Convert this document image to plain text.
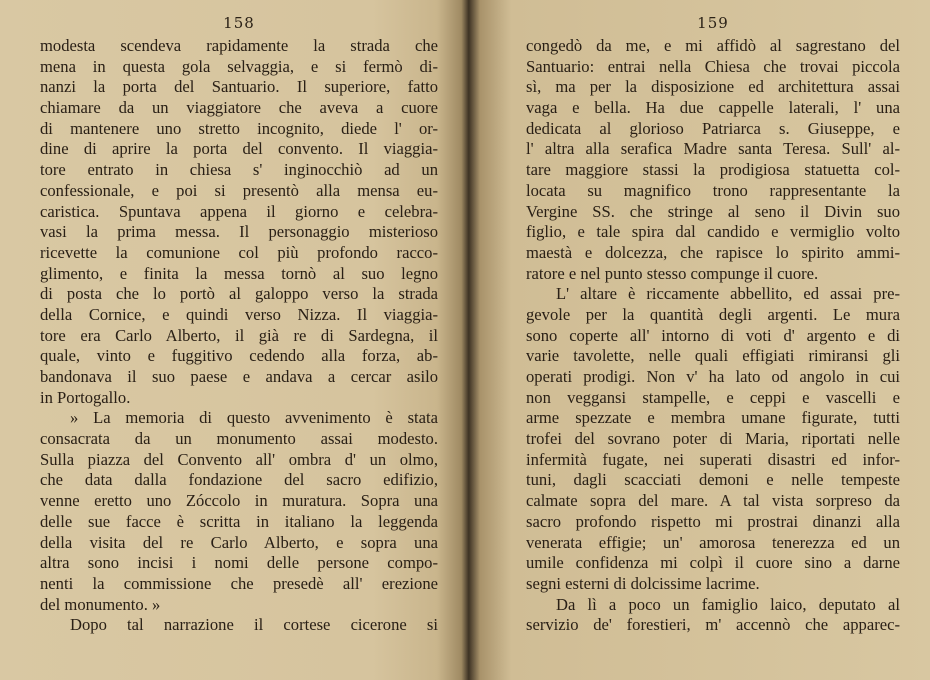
158
modesta scendeva rapidamente la strada che
mena in questa gola selvaggia, e si fermò di-
nanzi la porta del Santuario. Il superiore, fatto
chiamare da un viaggiatore che aveva a cuore
di mantenere uno stretto incognito, diede l' or-
dine di aprire la porta del convento. Il viaggia-
tore entrato in chiesa s' inginocchiò ad un
confessionale, e poi si presentò alla mensa eu-
caristica. Spuntava appena il giorno e celebra-
vasi la prima messa. Il personaggio misterioso
ricevette la comunione col più profondo racco-
glimento, e finita la messa tornò al suo legno
di posta che lo portò al galoppo verso la strada
della Cornice, e quindi verso Nizza. Il viaggia-
tore era Carlo Alberto, il già re di Sardegna, il
quale, vinto e fuggitivo cedendo alla forza, ab-
bandonava il suo paese e andava a cercar asilo
in Portogallo.
» La memoria di questo avvenimento è stata
consacrata da un monumento assai modesto.
Sulla piazza del Convento all' ombra d' un olmo,
che data dalla fondazione del sacro edifizio,
venne eretto uno Zóccolo in muratura. Sopra una
delle sue facce è scritta in italiano la leggenda
della visita del re Carlo Alberto, e sopra una
altra sono incisi i nomi delle persone compo-
nenti la commissione che presedè all' erezione
del monumento. »
Dopo tal narrazione il cortese cicerone si
159
congedò da me, e mi affidò al sagrestano del
Santuario: entrai nella Chiesa che trovai piccola
sì, ma per la disposizione ed architettura assai
vaga e bella. Ha due cappelle laterali, l' una
dedicata al glorioso Patriarca s. Giuseppe, e
l' altra alla serafica Madre santa Teresa. Sull' al-
tare maggiore stassi la prodigiosa statuetta col-
locata su magnifico trono rappresentante la
Vergine SS. che stringe al seno il Divin suo
figlio, e tale spira dal candido e vermiglio volto
maestà e dolcezza, che rapisce lo spirito ammi-
ratore e nel punto stesso compunge il cuore.
L' altare è riccamente abbellito, ed assai pre-
gevole per la quantità degli argenti. Le mura
sono coperte all' intorno di voti d' argento e di
varie tavolette, nelle quali effigiati rimiransi gli
operati prodigi. Non v' ha lato od angolo in cui
non veggansi stampelle, e ceppi e vascelli e
arme spezzate e membra umane figurate, tutti
trofei del sovrano poter di Maria, riportati nelle
infermità fugate, nei superati disastri ed infor-
tuni, dagli scacciati demoni e nelle tempeste
calmate sopra del mare. A tal vista sorpreso da
sacro profondo rispetto mi prostrai dinanzi alla
venerata effigie; un' amorosa tenerezza ed un
umile confidenza mi colpì il cuore sino a darne
segni esterni di dolcissime lacrime.
Da lì a poco un famiglio laico, deputato al
servizio de' forestieri, m' accennò che apparec-
